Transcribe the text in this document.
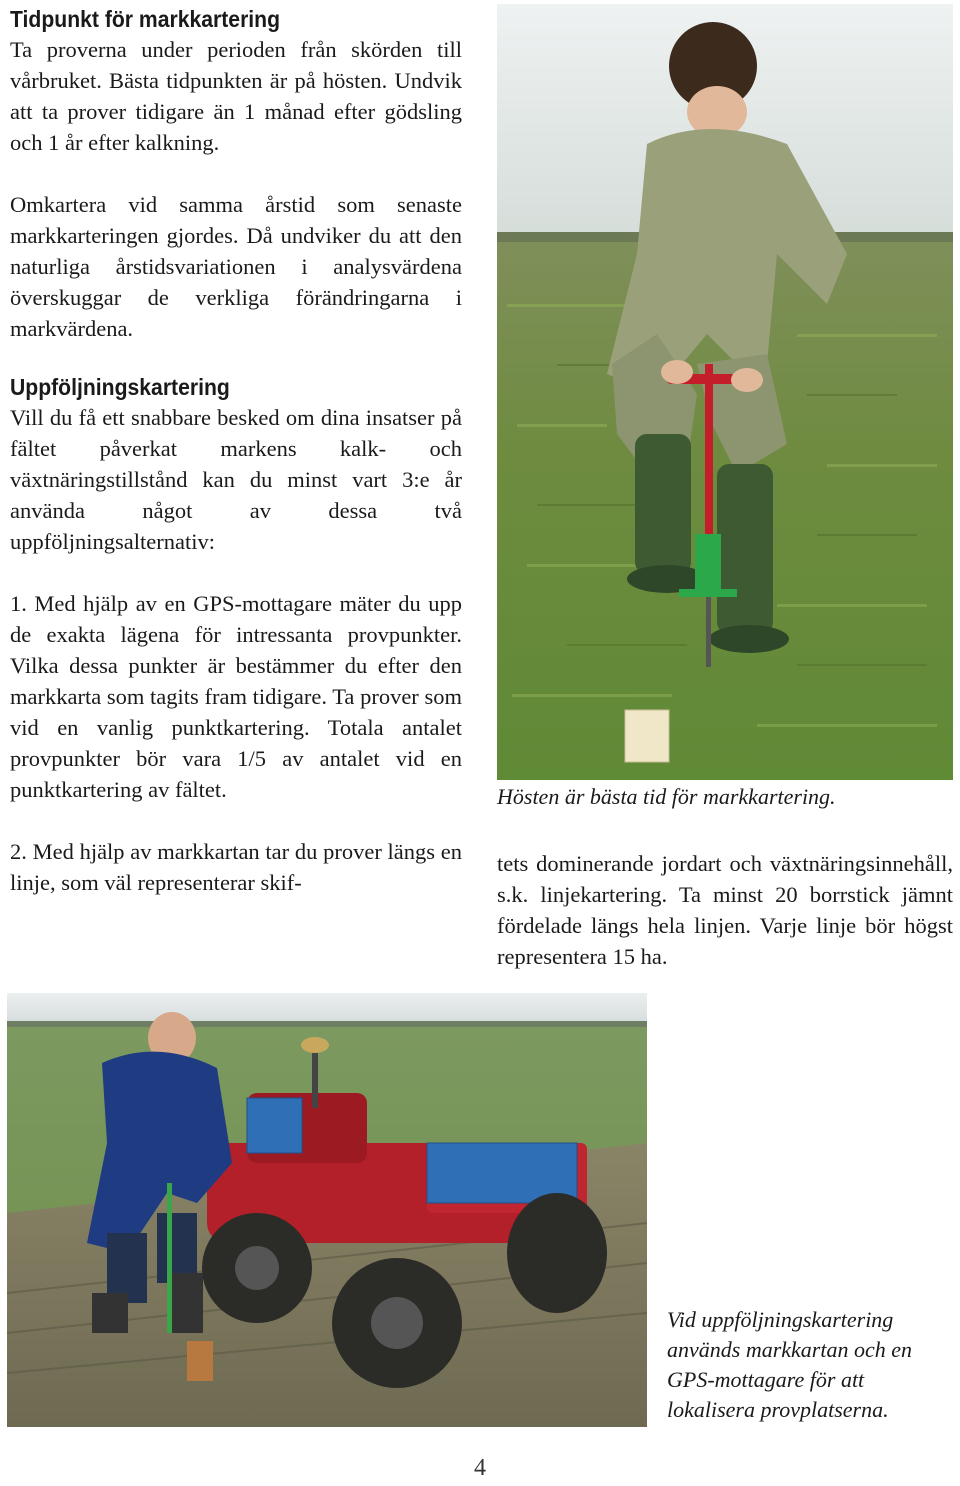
Tidpunkt för markkartering

Ta proverna under perioden från skörden till vårbruket. Bästa tidpunkten är på hösten. Undvik att ta prover tidigare än 1 månad efter gödsling och 1 år efter kalkning.

Omkartera vid samma årstid som senaste markkarteringen gjordes. Då undviker du att den naturliga årstidsvariationen i analysvärdena överskuggar de verkliga förändringarna i markvärdena.

Uppföljningskartering

Vill du få ett snabbare besked om dina insatser på fältet påverkat markens kalk- och växtnäringstillstånd kan du minst vart 3:e år använda något av dessa två uppföljningsalternativ:

1. Med hjälp av en GPS-mottagare mäter du upp de exakta lägena för intressanta provpunkter. Vilka dessa punkter är bestämmer du efter den markkarta som tagits fram tidigare. Ta prover som vid en vanlig punktkartering. Totala antalet provpunkter bör vara 1/5 av antalet vid en punktkartering av fältet.

2. Med hjälp av markkartan tar du prover längs en linje, som väl representerar skif-

Hösten är bästa tid för markkartering.

tets dominerande jordart och växtnäringsinnehåll, s.k. linjekartering. Ta minst 20 borrstick jämnt fördelade längs hela linjen. Varje linje bör högst representera 15 ha.

Vid uppföljningskartering används markkartan och en GPS-mottagare för att lokalisera provplatserna.

4
